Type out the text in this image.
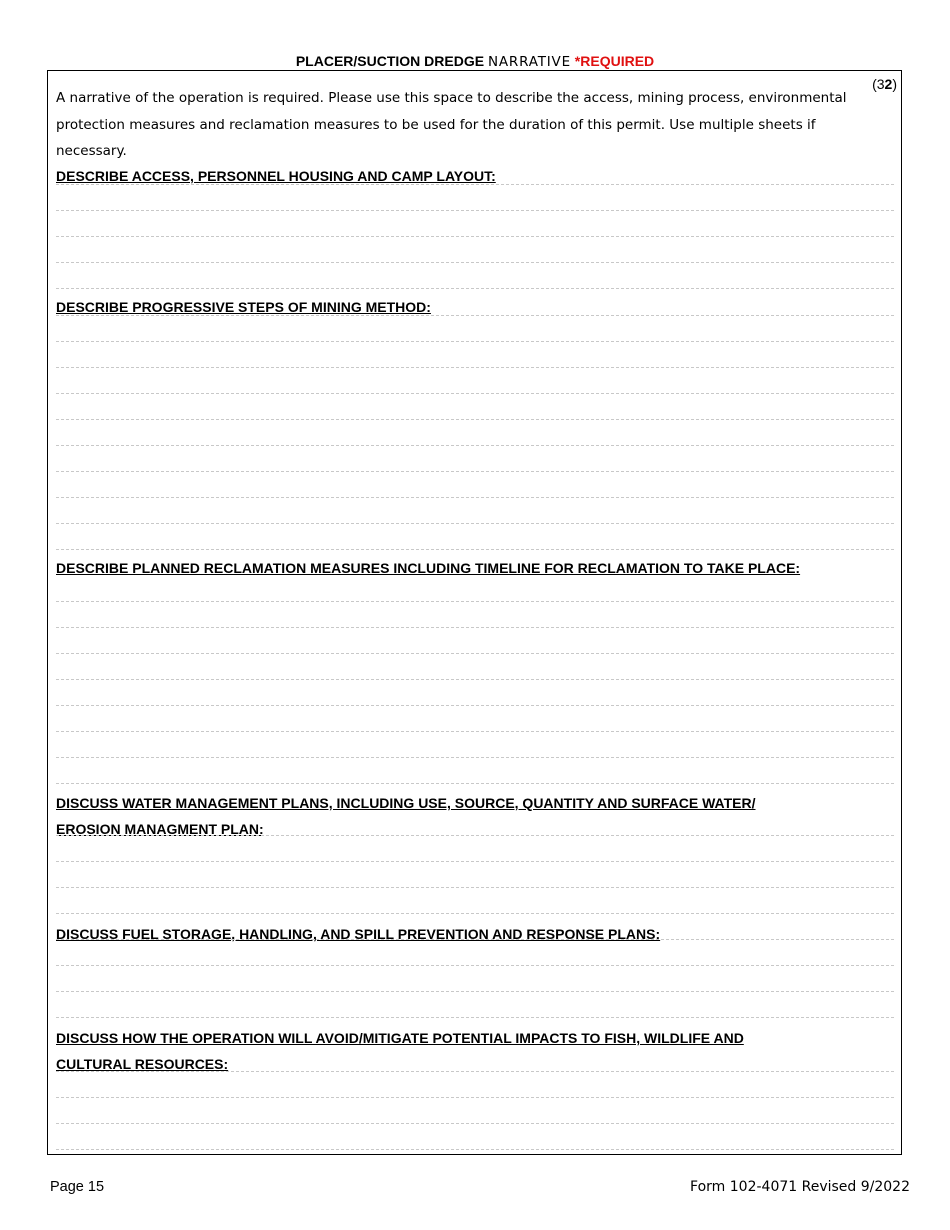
PLACER/SUCTION DREDGE NARRATIVE *REQUIRED
(32)
A narrative of the operation is required. Please use this space to describe the access, mining process, environmental protection measures and reclamation measures to be used for the duration of this permit. Use multiple sheets if necessary.
DESCRIBE ACCESS, PERSONNEL HOUSING AND CAMP LAYOUT:
DESCRIBE PROGRESSIVE STEPS OF MINING METHOD:
DESCRIBE PLANNED RECLAMATION MEASURES INCLUDING TIMELINE FOR RECLAMATION TO TAKE PLACE:
DISCUSS WATER MANAGEMENT PLANS, INCLUDING USE, SOURCE, QUANTITY AND SURFACE WATER/
EROSION MANAGMENT PLAN:
DISCUSS FUEL STORAGE, HANDLING, AND SPILL PREVENTION AND RESPONSE PLANS:
DISCUSS HOW THE OPERATION WILL AVOID/MITIGATE POTENTIAL IMPACTS TO FISH, WILDLIFE AND
CULTURAL RESOURCES:
Page 15	Form 102-4071 Revised 9/2022
